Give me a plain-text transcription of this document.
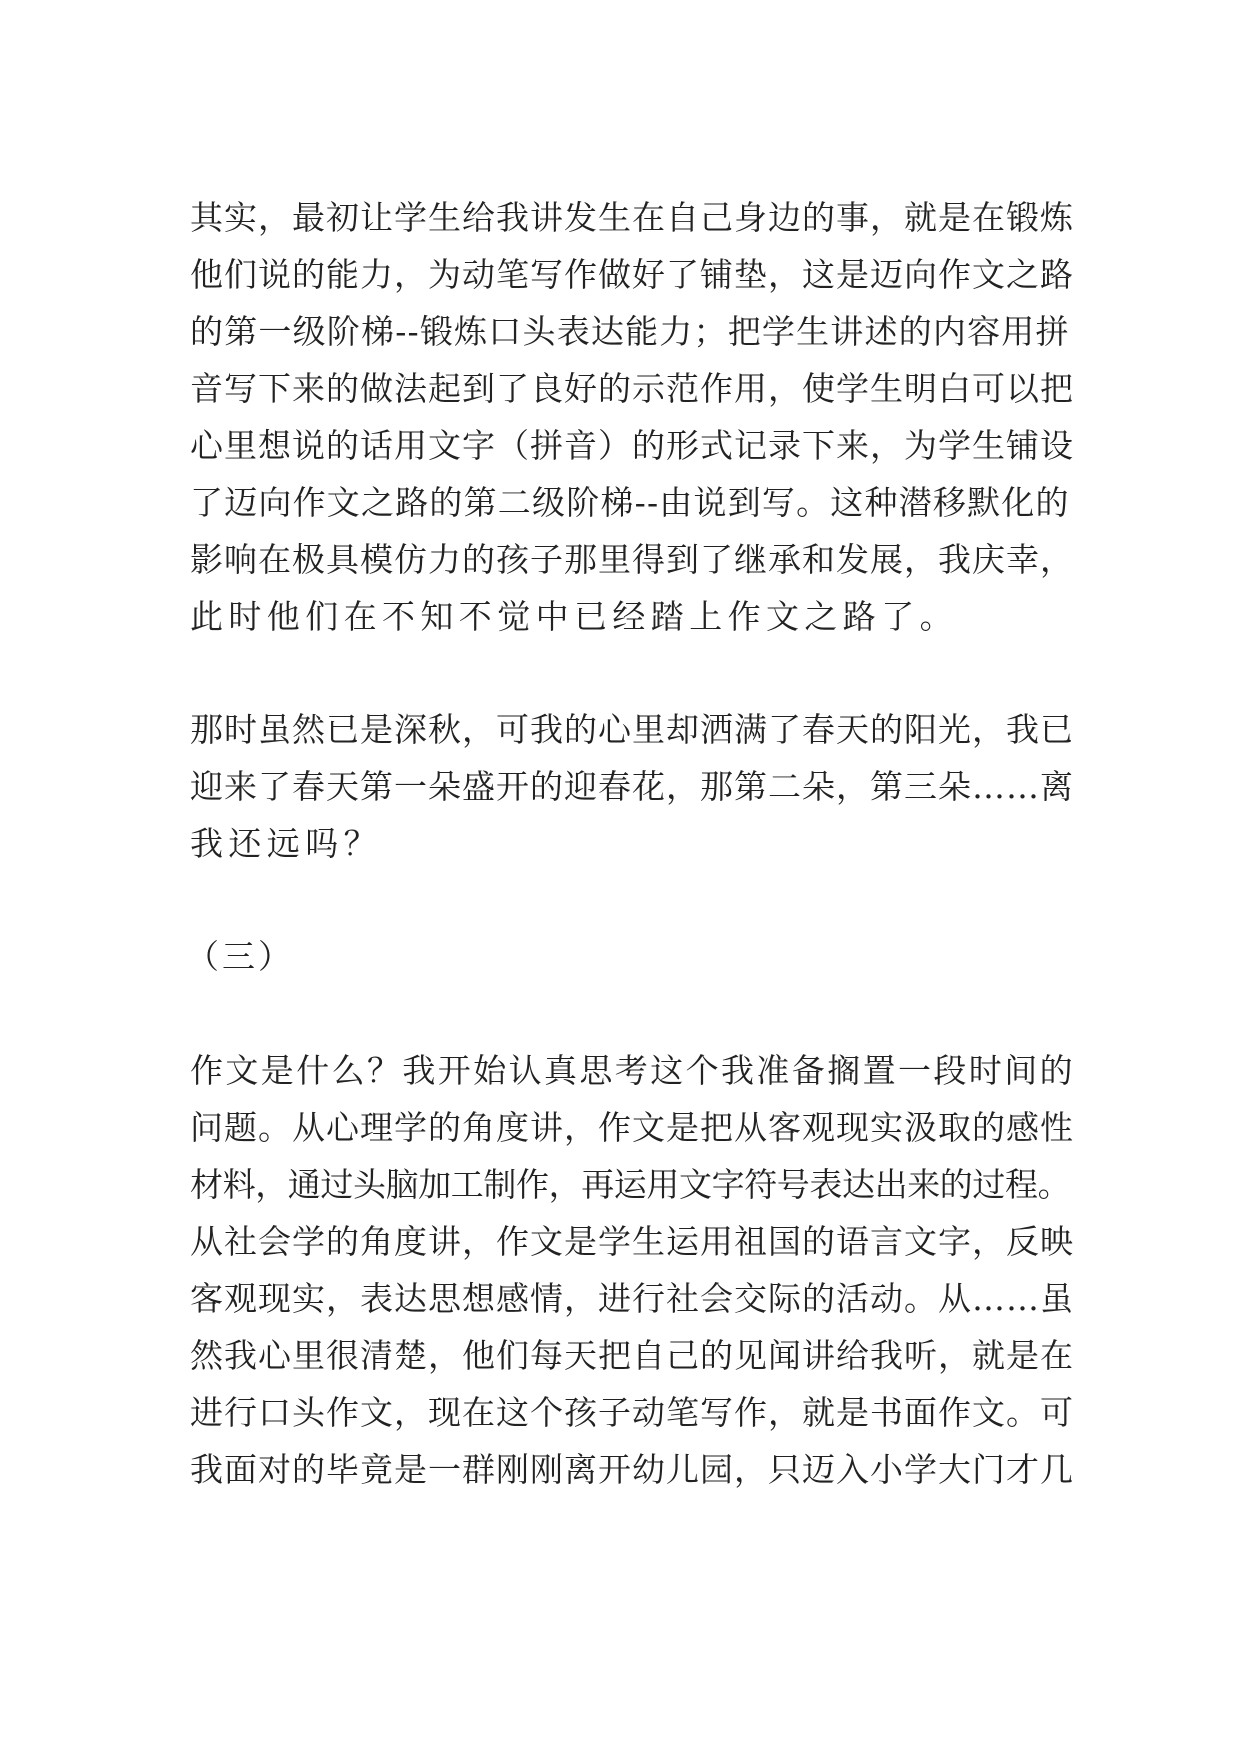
其实，最初让学生给我讲发生在自己身边的事，就是在锻炼
他们说的能力，为动笔写作做好了铺垫，这是迈向作文之路
的第一级阶梯--锻炼口头表达能力；把学生讲述的内容用拼
音写下来的做法起到了良好的示范作用，使学生明白可以把
心里想说的话用文字（拼音）的形式记录下来，为学生铺设
了迈向作文之路的第二级阶梯--由说到写。这种潜移默化的
影响在极具模仿力的孩子那里得到了继承和发展，我庆幸，
此时他们在不知不觉中已经踏上作文之路了。
那时虽然已是深秋，可我的心里却洒满了春天的阳光，我已
迎来了春天第一朵盛开的迎春花，那第二朵，第三朵……离
我还远吗？
（三）
作文是什么？我开始认真思考这个我准备搁置一段时间的
问题。从心理学的角度讲，作文是把从客观现实汲取的感性
材料，通过头脑加工制作，再运用文字符号表达出来的过程。
从社会学的角度讲，作文是学生运用祖国的语言文字，反映
客观现实，表达思想感情，进行社会交际的活动。从……虽
然我心里很清楚，他们每天把自己的见闻讲给我听，就是在
进行口头作文，现在这个孩子动笔写作，就是书面作文。可
我面对的毕竟是一群刚刚离开幼儿园，只迈入小学大门才几
